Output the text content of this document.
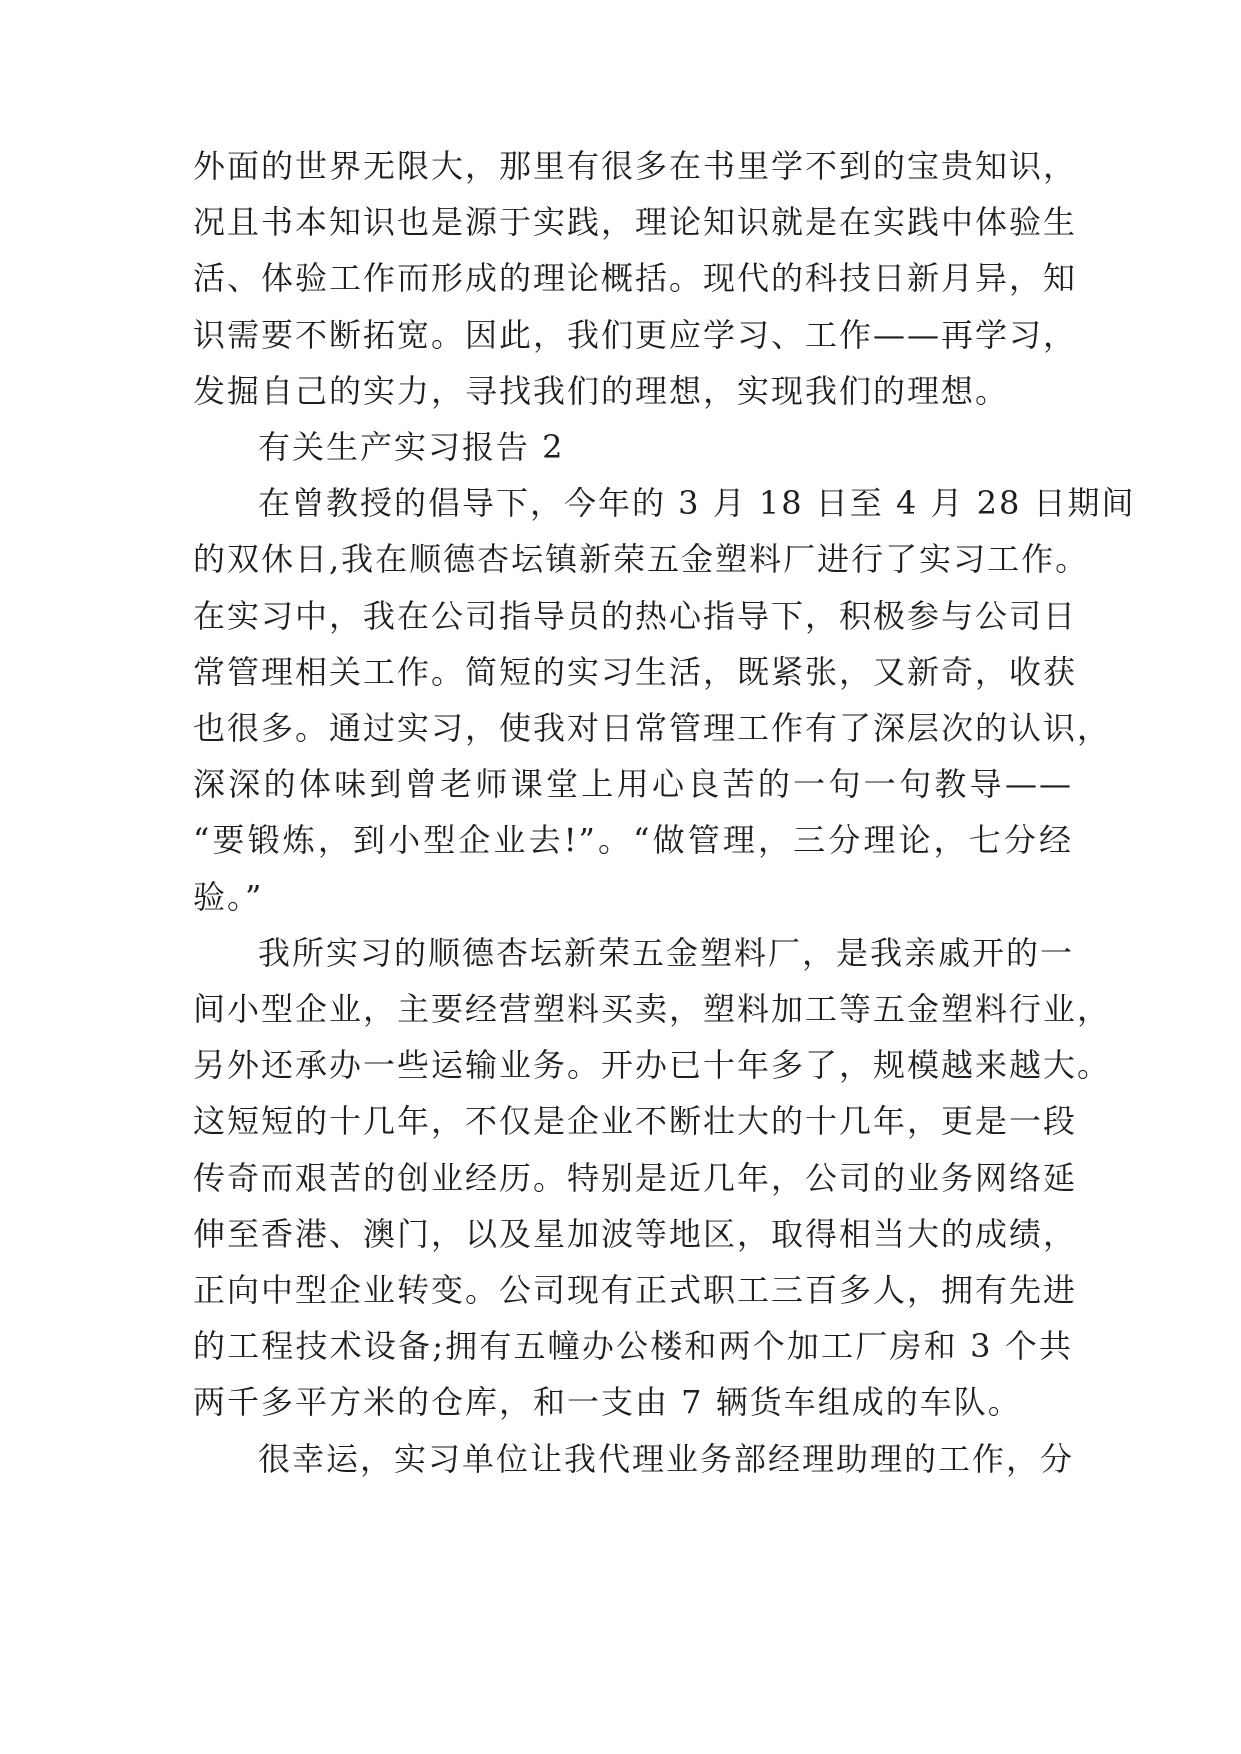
外面的世界无限大，那里有很多在书里学不到的宝贵知识，
况且书本知识也是源于实践，理论知识就是在实践中体验生
活、体验工作而形成的理论概括。现代的科技日新月异，知
识需要不断拓宽。因此，我们更应学习、工作——再学习，
发掘自己的实力，寻找我们的理想，实现我们的理想。
有关生产实习报告 2
在曾教授的倡导下，今年的 3 月 18 日至 4 月 28 日期间
的双休日,我在顺德杏坛镇新荣五金塑料厂进行了实习工作。
在实习中，我在公司指导员的热心指导下，积极参与公司日
常管理相关工作。简短的实习生活，既紧张，又新奇，收获
也很多。通过实习，使我对日常管理工作有了深层次的认识，
深深的体味到曾老师课堂上用心良苦的一句一句教导——
“要锻炼，到小型企业去!”。“做管理，三分理论，七分经
验。”
我所实习的顺德杏坛新荣五金塑料厂，是我亲戚开的一
间小型企业，主要经营塑料买卖，塑料加工等五金塑料行业，
另外还承办一些运输业务。开办已十年多了，规模越来越大。
这短短的十几年，不仅是企业不断壮大的十几年，更是一段
传奇而艰苦的创业经历。特别是近几年，公司的业务网络延
伸至香港、澳门，以及星加波等地区，取得相当大的成绩，
正向中型企业转变。公司现有正式职工三百多人，拥有先进
的工程技术设备;拥有五幢办公楼和两个加工厂房和 3 个共
两千多平方米的仓库，和一支由 7 辆货车组成的车队。
很幸运，实习单位让我代理业务部经理助理的工作，分
